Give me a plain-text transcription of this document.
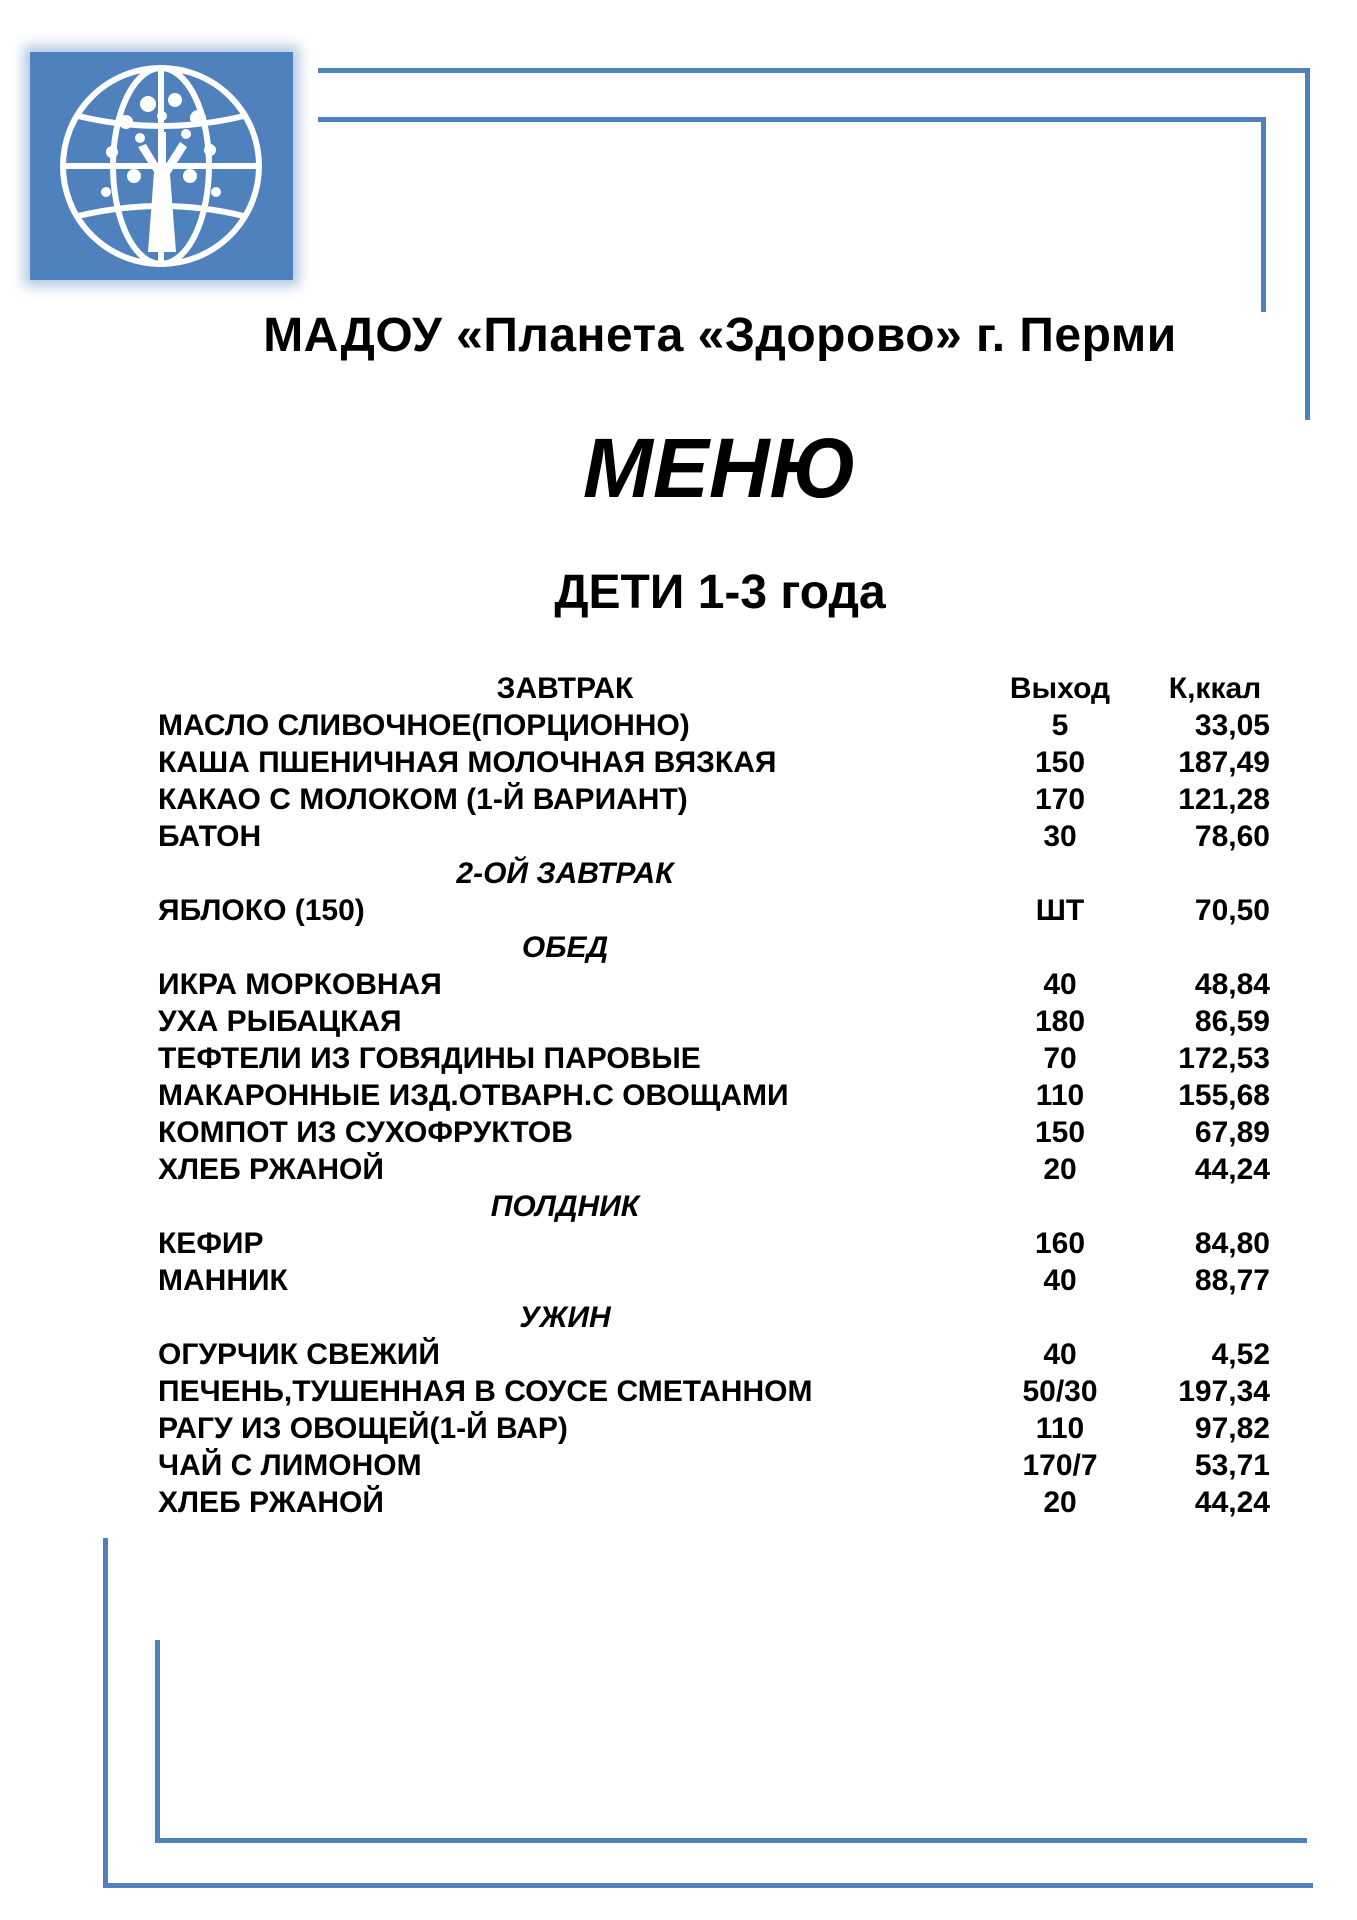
МАДОУ «Планета «Здорово» г. Перми
МЕНЮ
ДЕТИ 1-3 года
ЗАВТРАК	Выход	К,ккал
МАСЛО СЛИВОЧНОЕ(ПОРЦИОННО)	5	33,05
КАША ПШЕНИЧНАЯ МОЛОЧНАЯ ВЯЗКАЯ	150	187,49
КАКАО С МОЛОКОМ (1-Й ВАРИАНТ)	170	121,28
БАТОН	30	78,60
2-ОЙ ЗАВТРАК
ЯБЛОКО (150)	ШТ	70,50
ОБЕД
ИКРА МОРКОВНАЯ	40	48,84
УХА РЫБАЦКАЯ	180	86,59
ТЕФТЕЛИ ИЗ ГОВЯДИНЫ ПАРОВЫЕ	70	172,53
МАКАРОННЫЕ ИЗД.ОТВАРН.С ОВОЩАМИ	110	155,68
КОМПОТ ИЗ СУХОФРУКТОВ	150	67,89
ХЛЕБ РЖАНОЙ	20	44,24
ПОЛДНИК
КЕФИР	160	84,80
МАННИК	40	88,77
УЖИН
ОГУРЧИК СВЕЖИЙ	40	4,52
ПЕЧЕНЬ,ТУШЕННАЯ В СОУСЕ СМЕТАННОМ	50/30	197,34
РАГУ ИЗ ОВОЩЕЙ(1-Й ВАР)	110	97,82
ЧАЙ С ЛИМОНОМ	170/7	53,71
ХЛЕБ РЖАНОЙ	20	44,24
